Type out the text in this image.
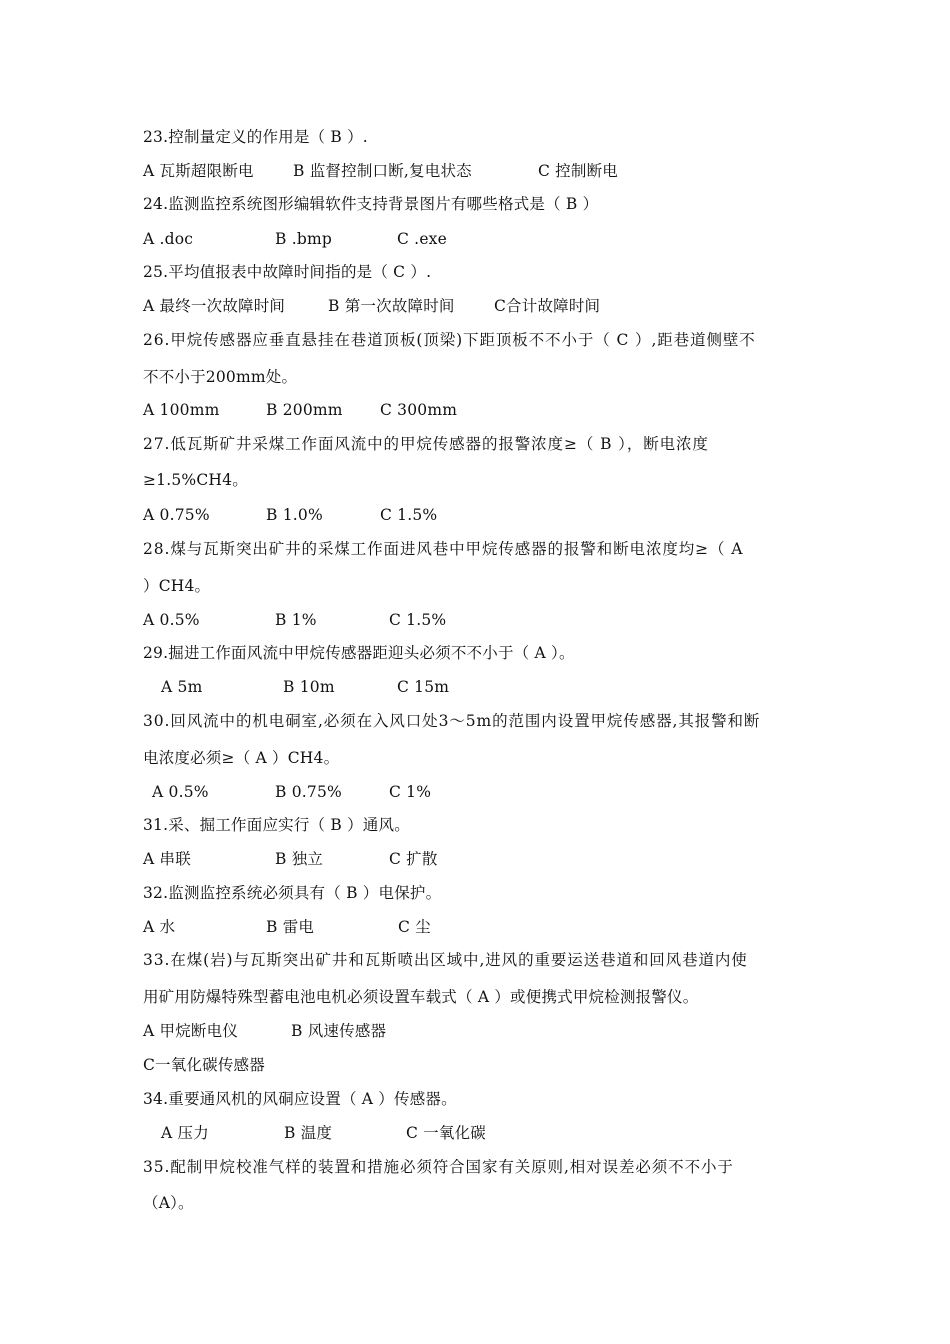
23.控制量定义的作用是（ B ）.
A 瓦斯超限断电	B 监督控制口断,复电状态	C 控制断电
24.监测监控系统图形编辑软件支持背景图片有哪些格式是（ B ）
A .doc	B .bmp	C .exe
25.平均值报表中故障时间指的是（ C ）.
A 最终一次故障时间	B 第一次故障时间	C合计故障时间
26.甲烷传感器应垂直悬挂在巷道顶板(顶梁)下距顶板不不小于（ C ）,距巷道侧壁不
不不小于200mm处。
A 100mm	B 200mm C 300mm
27.低瓦斯矿井采煤工作面风流中的甲烷传感器的报警浓度≥（ B ），断电浓度
≥1.5%CH4。
A 0.75%	B 1.0%	C 1.5%
28.煤与瓦斯突出矿井的采煤工作面进风巷中甲烷传感器的报警和断电浓度均≥（ A
）CH4。
A 0.5%	B 1%	C 1.5%
29.掘进工作面风流中甲烷传感器距迎头必须不不小于（ A ）。
A 5m	B 10m	C 15m
30.回风流中的机电硐室,必须在入风口处3～5m的范围内设置甲烷传感器,其报警和断
电浓度必须≥（ A ）CH4。
A 0.5%	B 0.75%	C 1%
31.采、掘工作面应实行（ B ）通风。
A 串联	B 独立	C 扩散
32.监测监控系统必须具有（ B ）电保护。
A 水	B 雷电	C 尘
33.在煤(岩)与瓦斯突出矿井和瓦斯喷出区域中,进风的重要运送巷道和回风巷道内使
用矿用防爆特殊型蓄电池电机必须设置车载式（ A ）或便携式甲烷检测报警仪。
A 甲烷断电仪	B 风速传感器
C一氧化碳传感器
34.重要通风机的风硐应设置（ A ）传感器。
A 压力	B 温度	C 一氧化碳
35.配制甲烷校准气样的装置和措施必须符合国家有关原则,相对误差必须不不小于
（A）。
